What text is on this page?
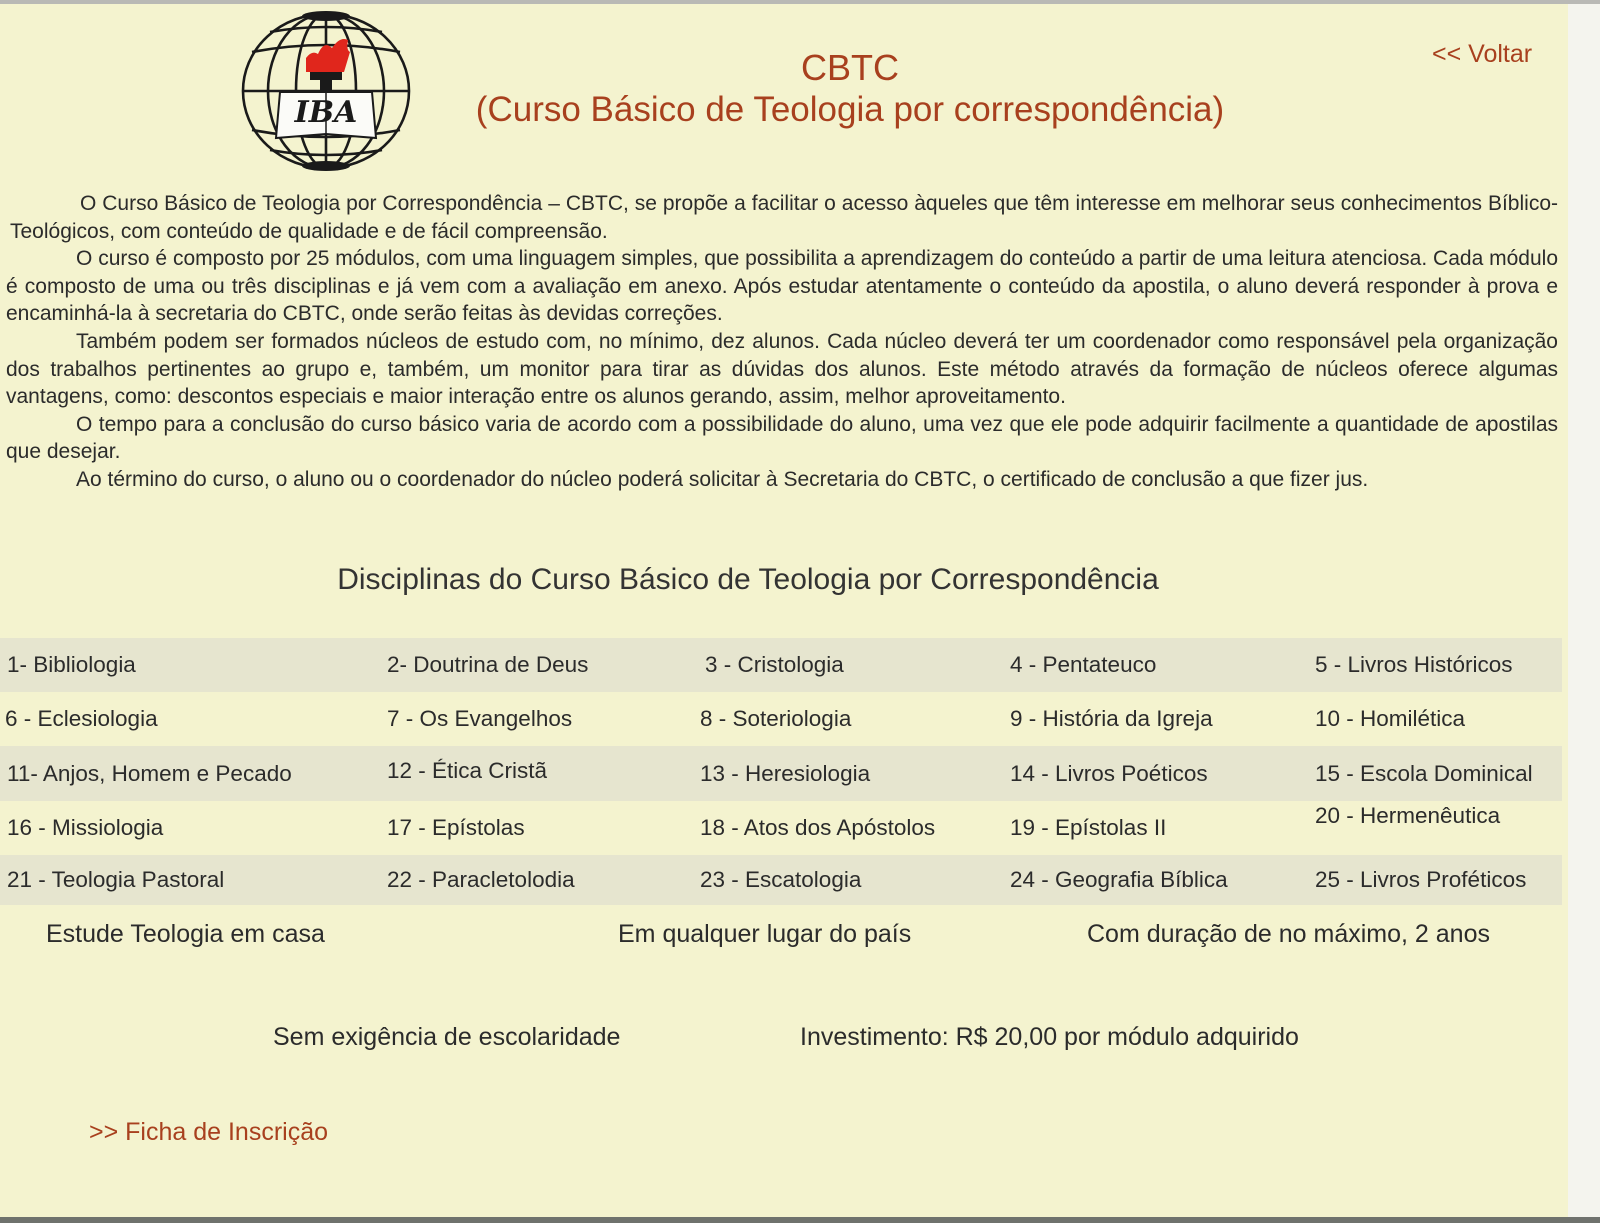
IBA
CBTC
(Curso Básico de Teologia por correspondência)
<< Voltar

O Curso Básico de Teologia por Correspondência – CBTC, se propõe a facilitar o acesso àqueles que têm interesse em melhorar seus conhecimentos Bíblico-Teológicos, com conteúdo de qualidade e de fácil compreensão.

O curso é composto por 25 módulos, com uma linguagem simples, que possibilita a aprendizagem do conteúdo a partir de uma leitura atenciosa. Cada módulo é composto de uma ou três disciplinas e já vem com a avaliação em anexo. Após estudar atentamente o conteúdo da apostila, o aluno deverá responder à prova e encaminhá-la à secretaria do CBTC, onde serão feitas às devidas correções.

Também podem ser formados núcleos de estudo com, no mínimo, dez alunos. Cada núcleo deverá ter um coordenador como responsável pela organização dos trabalhos pertinentes ao grupo e, também, um monitor para tirar as dúvidas dos alunos. Este método através da formação de núcleos oferece algumas vantagens, como: descontos especiais e maior interação entre os alunos gerando, assim, melhor aproveitamento.

O tempo para a conclusão do curso básico varia de acordo com a possibilidade do aluno, uma vez que ele pode adquirir facilmente a quantidade de apostilas que desejar.

Ao término do curso, o aluno ou o coordenador do núcleo poderá solicitar à Secretaria do CBTC, o certificado de conclusão a que fizer jus.

Disciplinas do Curso Básico de Teologia por Correspondência
1- Bibliologia	2- Doutrina de Deus	3 - Cristologia	4 - Pentateuco	5 - Livros Históricos
6 - Eclesiologia	7 - Os Evangelhos	8 - Soteriologia	9 - História da Igreja	10 - Homilética
11- Anjos, Homem e Pecado	12 - Ética Cristã	13 - Heresiologia	14 - Livros Poéticos	15 - Escola Dominical
16 - Missiologia	17 - Epístolas	18 - Atos dos Apóstolos	19 - Epístolas II	20 - Hermenêutica
21 - Teologia Pastoral	22 - Paracletolodia	23 - Escatologia	24 - Geografia Bíblica	25 - Livros Proféticos
Estude Teologia em casa	Em qualquer lugar do país	Com duração de no máximo, 2 anos
Sem exigência de escolaridade	Investimento: R$ 20,00 por módulo adquirido
>> Ficha de Inscrição
